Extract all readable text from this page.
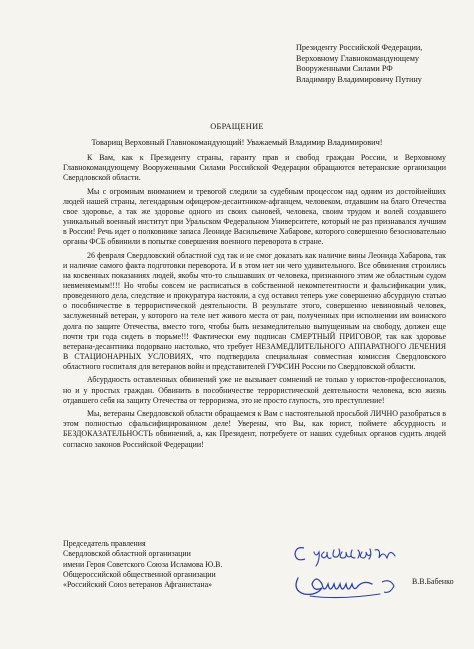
Президенту Российской Федерации,
Верховному Главнокомандующему
Вооруженными Силами РФ
Владимиру Владимировичу Путину
ОБРАЩЕНИЕ
Товарищ Верховный Главнокомандующий! Уважаемый Владимир Владимирович!

К Вам, как к Президенту страны, гаранту прав и свобод граждан России, и Верховному Главнокомандующему Вооруженными Силами Российской Федерации обращаются ветеранские организации Свердловской области.

Мы с огромным вниманием и тревогой следили за судебным процессом над одним из достойнейших людей нашей страны, легендарным офицером-десантником-афганцем, человеком, отдавшим на благо Отечества свое здоровье, а так же здоровье одного из своих сыновей, человека, своим трудом и волей создавшего уникальный военный институт при Уральском Федеральном Университете, который не раз признавался лучшим в России! Речь идет о полковнике запаса Леониде Васильевиче Хабарове, которого совершенно безосновательно органы ФСБ обвинили в попытке совершения военного переворота в стране.

26 февраля Свердловский областной суд так и не смог доказать как наличие вины Леонида Хабарова, так и наличие самого факта подготовки переворота. И в этом нет ни чего удивительного. Все обвинения строились на косвенных показаниях людей, якобы что-то слышавших от человека, признанного этим же областным судом невменяемым!!!! Но чтобы совсем не расписаться в собственной некомпетентности и фальсификации улик, проведенного дела, следствие и прокуратура настояли, а суд оставил теперь уже совершенно абсурдную статью о пособничестве в террористической деятельности. В результате этого, совершенно невиновный человек, заслуженный ветеран, у которого на теле нет живого места от ран, полученных при исполнении им воинского долга по защите Отечества, вместо того, чтобы быть незамедлительно выпущенным на свободу, должен еще почти три года сидеть в тюрьме!!! Фактически ему подписан СМЕРТНЫЙ ПРИГОВОР, так как здоровье ветерана-десантника подорвано настолько, что требует НЕЗАМЕДЛИТЕЛЬНОГО АППАРАТНОГО ЛЕЧЕНИЯ В СТАЦИОНАРНЫХ УСЛОВИЯХ, что подтвердила специальная совместная комиссия Свердловского областного госпиталя для ветеранов войн и представителей ГУФСИН России по Свердловской области.

Абсурдность оставленных обвинений уже не вызывает сомнений не только у юристов-профессионалов, но и у простых граждан. Обвинить в пособничестве террористической деятельности человека, всю жизнь отдавшего себя на защиту Отечества от терроризма, это не просто глупость, это преступление!

Мы, ветераны Свердловской области обращаемся к Вам с настоятельной просьбой ЛИЧНО разобраться в этом полностью сфальсифицированном деле! Уверены, что Вы, как юрист, поймете абсурдность и БЕЗДОКАЗАТЕЛЬНОСТЬ обвинений, а, как Президент, потребуете от наших судебных органов судить людей согласно законов Российской Федерации!

Председатель правления
Свердловской областной организации
имени Героя Советского Союза Исламова Ю.В.
Общероссийской общественной организации
«Российский Союз ветеранов Афганистана»	В.В.Бабенко
